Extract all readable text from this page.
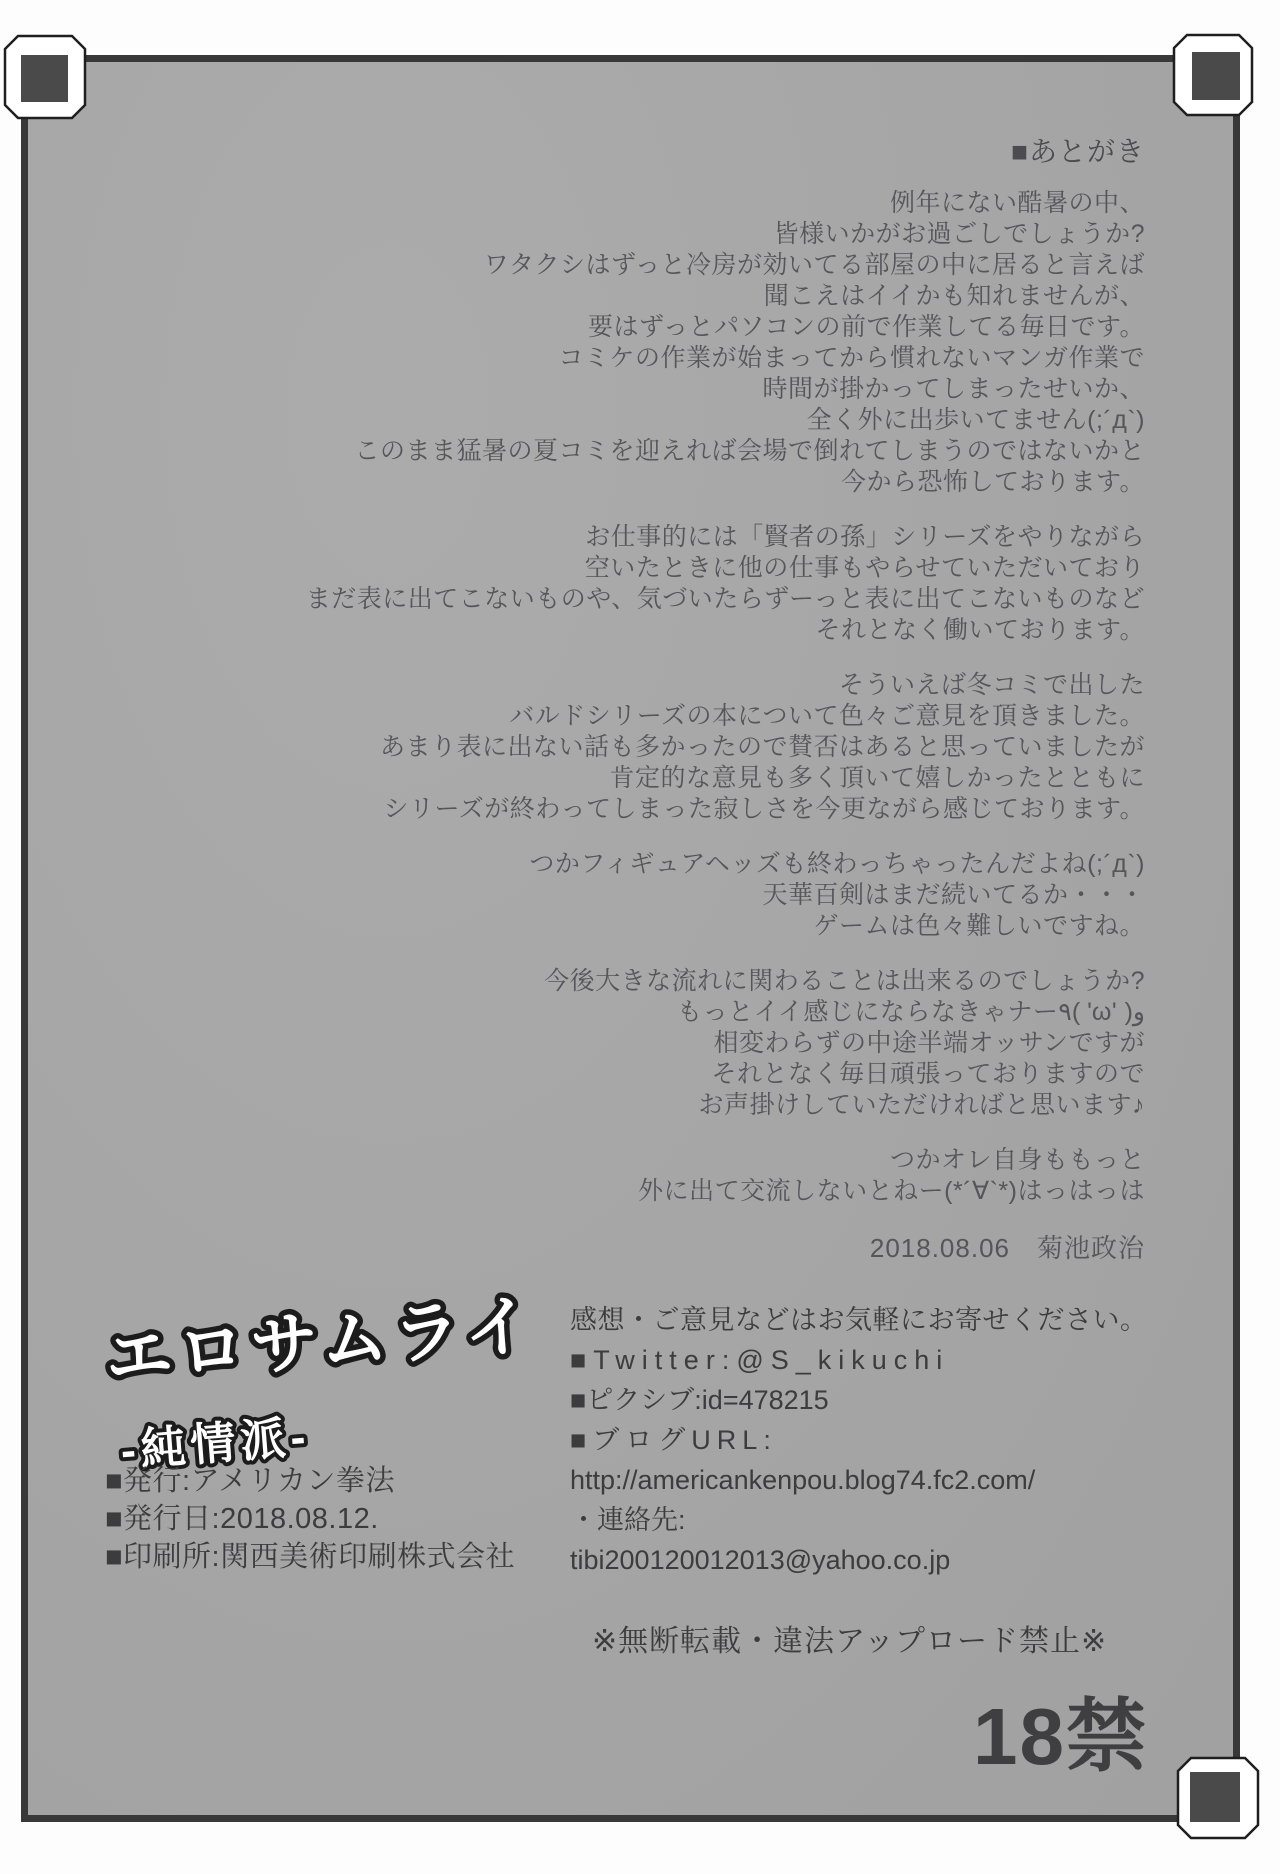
■あとがき
例年にない酷暑の中、
皆様いかがお過ごしでしょうか?
ワタクシはずっと冷房が効いてる部屋の中に居ると言えば
聞こえはイイかも知れませんが、
要はずっとパソコンの前で作業してる毎日です。
コミケの作業が始まってから慣れないマンガ作業で
時間が掛かってしまったせいか、
全く外に出歩いてません(;´д`)
このまま猛暑の夏コミを迎えれば会場で倒れてしまうのではないかと
今から恐怖しております。
お仕事的には「賢者の孫」シリーズをやりながら
空いたときに他の仕事もやらせていただいており
まだ表に出てこないものや、気づいたらずーっと表に出てこないものなど
それとなく働いております。
そういえば冬コミで出した
バルドシリーズの本について色々ご意見を頂きました。
あまり表に出ない話も多かったので賛否はあると思っていましたが
肯定的な意見も多く頂いて嬉しかったとともに
シリーズが終わってしまった寂しさを今更ながら感じております。
つかフィギュアヘッズも終わっちゃったんだよね(;´д`)
天華百剣はまだ続いてるか・・・
ゲームは色々難しいですね。
今後大きな流れに関わることは出来るのでしょうか?
もっとイイ感じにならなきゃナー٩( 'ω' )و
相変わらずの中途半端オッサンですが
それとなく毎日頑張っておりますので
お声掛けしていただければと思います♪
つかオレ自身ももっと
外に出て交流しないとねー(*´∀`*)はっはっは
2018.08.06　菊池政治
エロサムライ
-純情派-
■発行:アメリカン拳法
■発行日:2018.08.12.
■印刷所:関西美術印刷株式会社
感想・ご意見などはお気軽にお寄せください。
■Twitter:@S_kikuchi
■ピクシブ:id=478215
■ブログURL:
http://americankenpou.blog74.fc2.com/
・連絡先:
tibi200120012013@yahoo.co.jp
※無断転載・違法アップロード禁止※
18禁
